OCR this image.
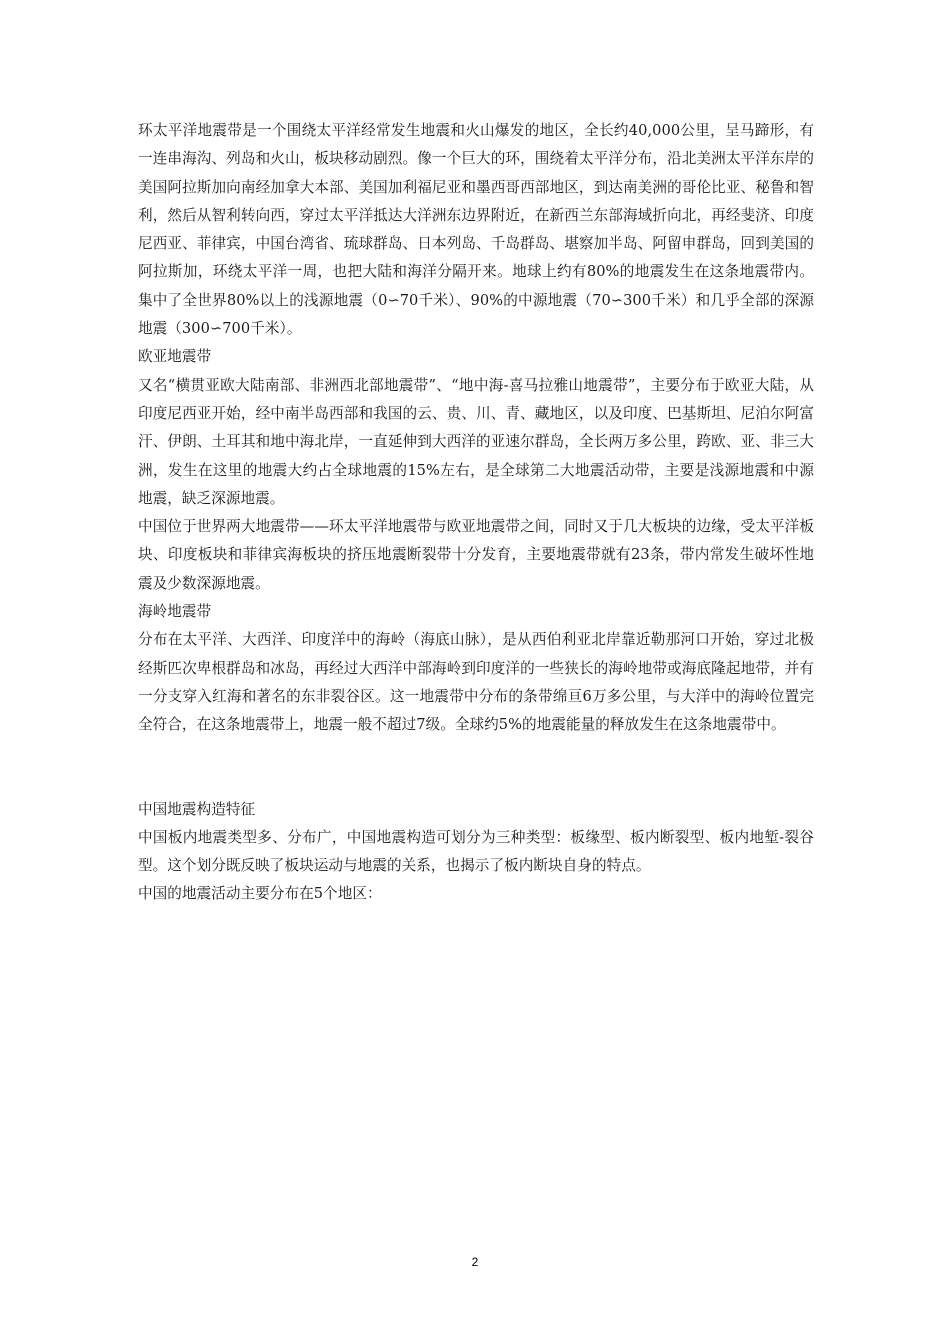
环太平洋地震带是一个围绕太平洋经常发生地震和火山爆发的地区，全长约40,000公里，呈马蹄形，有一连串海沟、列岛和火山，板块移动剧烈。像一个巨大的环，围绕着太平洋分布，沿北美洲太平洋东岸的美国阿拉斯加向南经加拿大本部、美国加利福尼亚和墨西哥西部地区，到达南美洲的哥伦比亚、秘鲁和智利，然后从智利转向西，穿过太平洋抵达大洋洲东边界附近，在新西兰东部海域折向北，再经斐济、印度尼西亚、菲律宾，中国台湾省、琉球群岛、日本列岛、千岛群岛、堪察加半岛、阿留申群岛，回到美国的阿拉斯加，环绕太平洋一周，也把大陆和海洋分隔开来。地球上约有80%的地震发生在这条地震带内。集中了全世界80%以上的浅源地震（0∽70千米）、90%的中源地震（70∽300千米）和几乎全部的深源地震（300∽700千米）。

欧亚地震带

又名“横贯亚欧大陆南部、非洲西北部地震带”、“地中海-喜马拉雅山地震带”，主要分布于欧亚大陆，从印度尼西亚开始，经中南半岛西部和我国的云、贵、川、青、藏地区，以及印度、巴基斯坦、尼泊尔阿富汗、伊朗、土耳其和地中海北岸，一直延伸到大西洋的亚速尔群岛，全长两万多公里，跨欧、亚、非三大洲，发生在这里的地震大约占全球地震的15%左右，是全球第二大地震活动带，主要是浅源地震和中源地震，缺乏深源地震。

中国位于世界两大地震带——环太平洋地震带与欧亚地震带之间，同时又于几大板块的边缘，受太平洋板块、印度板块和菲律宾海板块的挤压地震断裂带十分发育，主要地震带就有23条，带内常发生破坏性地震及少数深源地震。

海岭地震带

分布在太平洋、大西洋、印度洋中的海岭（海底山脉），是从西伯利亚北岸靠近勒那河口开始，穿过北极经斯匹次卑根群岛和冰岛，再经过大西洋中部海岭到印度洋的一些狭长的海岭地带或海底隆起地带，并有一分支穿入红海和著名的东非裂谷区。这一地震带中分布的条带绵亘6万多公里，与大洋中的海岭位置完全符合，在这条地震带上，地震一般不超过7级。全球约5%的地震能量的释放发生在这条地震带中。

中国地震构造特征

中国板内地震类型多、分布广，中国地震构造可划分为三种类型：板缘型、板内断裂型、板内地堑-裂谷型。这个划分既反映了板块运动与地震的关系，也揭示了板内断块自身的特点。

中国的地震活动主要分布在5个地区：

2
